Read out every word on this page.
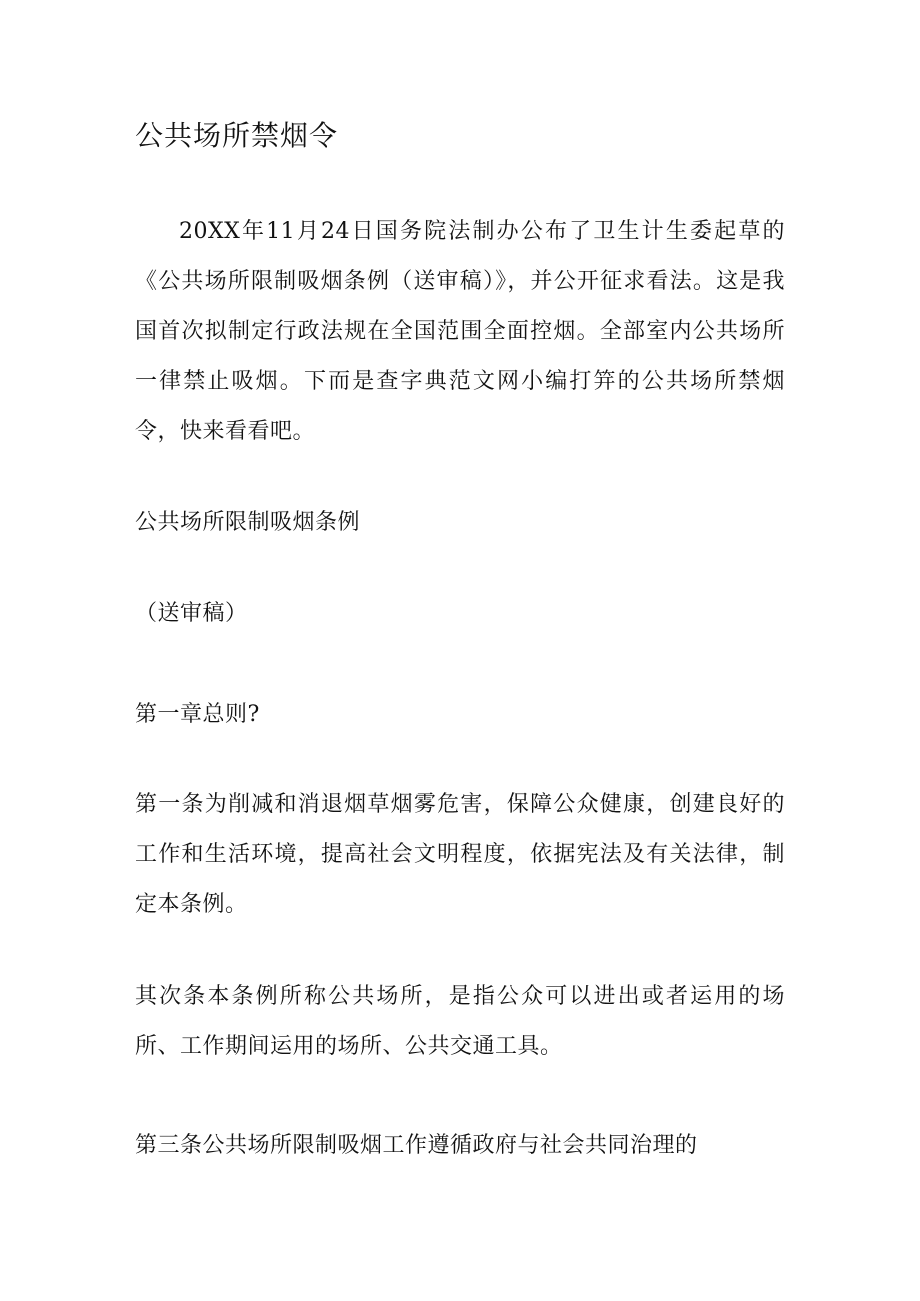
公共场所禁烟令

20XX年11月24日国务院法制办公布了卫生计生委起草的《公共场所限制吸烟条例（送审稿）》，并公开征求看法。这是我国首次拟制定行政法规在全国范围全面控烟。全部室内公共场所一律禁止吸烟。下而是查字典范文网小编打笄的公共场所禁烟令，快来看看吧。

公共场所限制吸烟条例

（送审稿）

第一章总则?

第一条为削减和消退烟草烟雾危害，保障公众健康，创建良好的工作和生活环境，提高社会文明程度，依据宪法及有关法律，制定本条例。

其次条本条例所称公共场所，是指公众可以进出或者运用的场所、工作期间运用的场所、公共交通工具。

第三条公共场所限制吸烟工作遵循政府与社会共同治理的
